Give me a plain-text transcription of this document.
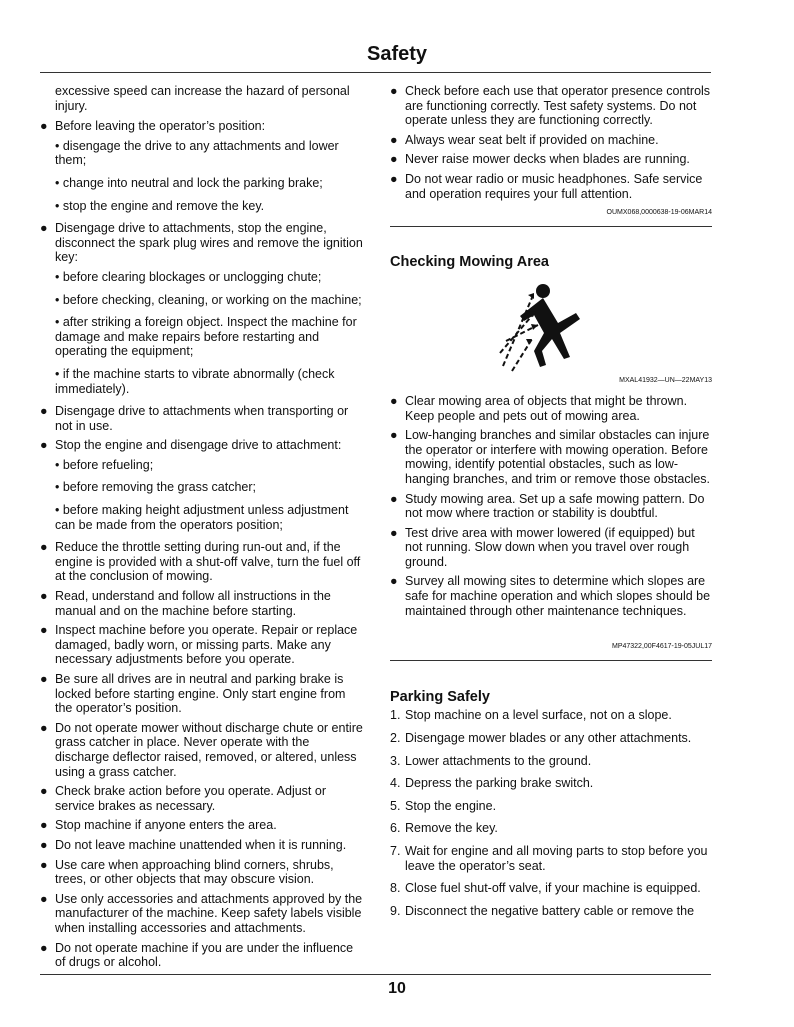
Safety

excessive speed can increase the hazard of personal injury.

● Before leaving the operator’s position:
• disengage the drive to any attachments and lower them;
• change into neutral and lock the parking brake;
• stop the engine and remove the key.
● Disengage drive to attachments, stop the engine, disconnect the spark plug wires and remove the ignition key:
• before clearing blockages or unclogging chute;
• before checking, cleaning, or working on the machine;
• after striking a foreign object. Inspect the machine for damage and make repairs before restarting and operating the equipment;
• if the machine starts to vibrate abnormally (check immediately).
● Disengage drive to attachments when transporting or not in use.
● Stop the engine and disengage drive to attachment:
• before refueling;
• before removing the grass catcher;
• before making height adjustment unless adjustment can be made from the operators position;
● Reduce the throttle setting during run-out and, if the engine is provided with a shut-off valve, turn the fuel off at the conclusion of mowing.
● Read, understand and follow all instructions in the manual and on the machine before starting.
● Inspect machine before you operate. Repair or replace damaged, badly worn, or missing parts. Make any necessary adjustments before you operate.
● Be sure all drives are in neutral and parking brake is locked before starting engine. Only start engine from the operator’s position.
● Do not operate mower without discharge chute or entire grass catcher in place. Never operate with the discharge deflector raised, removed, or altered, unless using a grass catcher.
● Check brake action before you operate. Adjust or service brakes as necessary.
● Stop machine if anyone enters the area.
● Do not leave machine unattended when it is running.
● Use care when approaching blind corners, shrubs, trees, or other objects that may obscure vision.
● Use only accessories and attachments approved by the manufacturer of the machine. Keep safety labels visible when installing accessories and attachments.
● Do not operate machine if you are under the influence of drugs or alcohol.
● Check before each use that operator presence controls are functioning correctly. Test safety systems. Do not operate unless they are functioning correctly.
● Always wear seat belt if provided on machine.
● Never raise mower decks when blades are running.
● Do not wear radio or music headphones. Safe service and operation requires your full attention.
OUMX068,0000638-19-06MAR14
Checking Mowing Area
MXAL41932—UN—22MAY13
● Clear mowing area of objects that might be thrown. Keep people and pets out of mowing area.
● Low-hanging branches and similar obstacles can injure the operator or interfere with mowing operation. Before mowing, identify potential obstacles, such as low-hanging branches, and trim or remove those obstacles.
● Study mowing area. Set up a safe mowing pattern. Do not mow where traction or stability is doubtful.
● Test drive area with mower lowered (if equipped) but not running. Slow down when you travel over rough ground.
● Survey all mowing sites to determine which slopes are safe for machine operation and which slopes should be maintained through other maintenance techniques.
MP47322,00F4617-19-05JUL17
Parking Safely
1. Stop machine on a level surface, not on a slope.
2. Disengage mower blades or any other attachments.
3. Lower attachments to the ground.
4. Depress the parking brake switch.
5. Stop the engine.
6. Remove the key.
7. Wait for engine and all moving parts to stop before you leave the operator’s seat.
8. Close fuel shut-off valve, if your machine is equipped.
9. Disconnect the negative battery cable or remove the
10
